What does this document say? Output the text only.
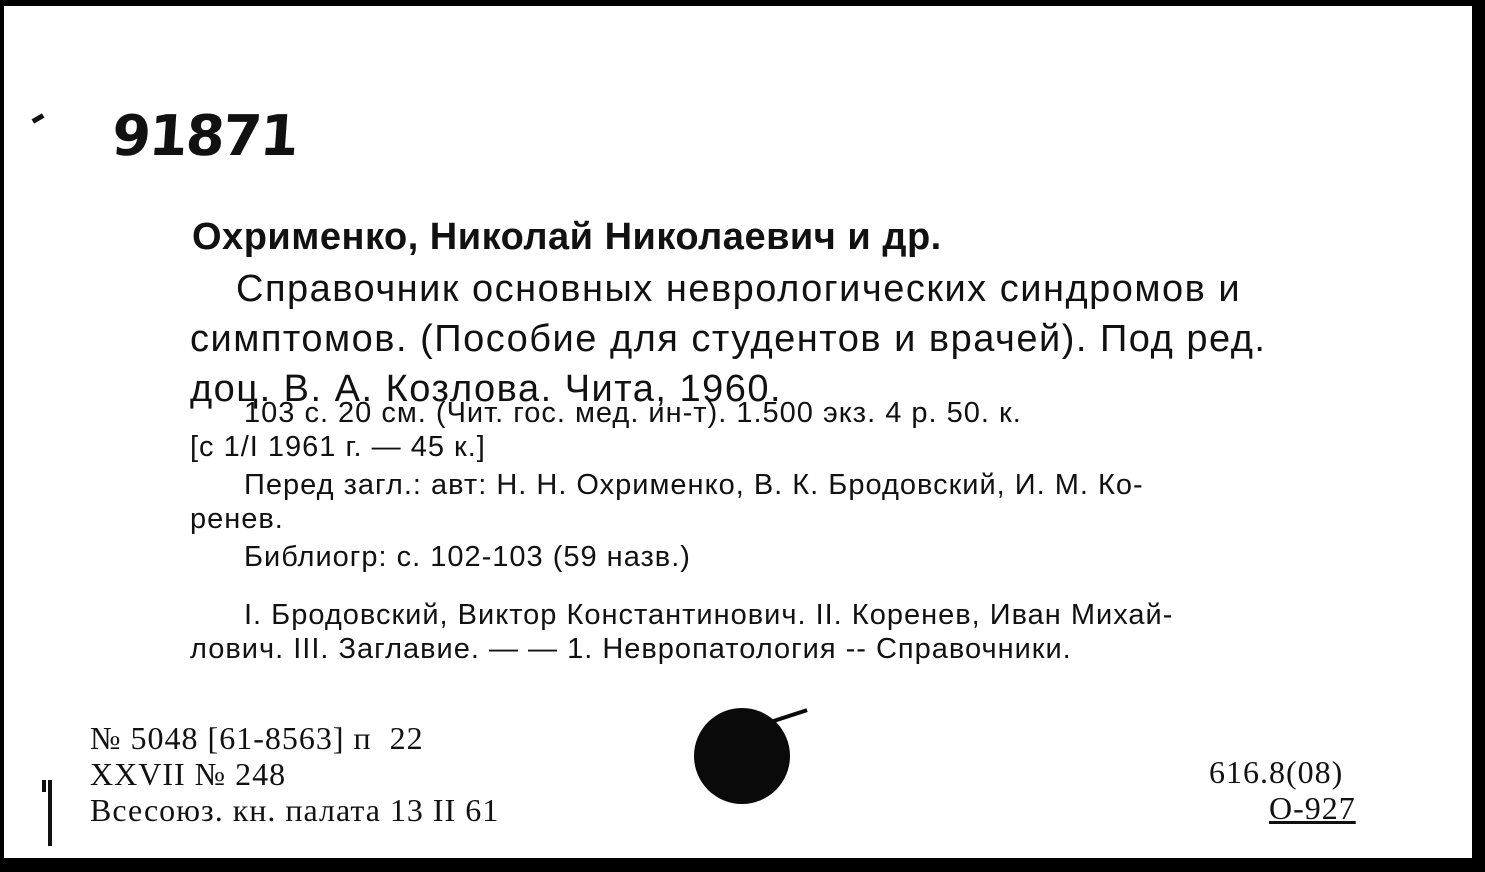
91871
Охрименко, Николай Николаевич и др.
Справочник основных неврологических синдромов и
симптомов. (Пособие для студентов и врачей). Под ред.
доц. В. А. Козлова. Чита, 1960.
103 с. 20 см. (Чит. гос. мед. ин-т). 1.500 экз. 4 р. 50. к.
[с 1/I 1961 г. — 45 к.]
Перед загл.: авт: Н. Н. Охрименко, В. К. Бродовский, И. М. Ко-
ренев.
Библиогр: с. 102-103 (59 назв.)
I. Бродовский, Виктор Константинович. II. Коренев, Иван Михай-
лович. III. Заглавие. — — 1. Невропатология -- Справочники.
№ 5048 [61-8563] п  22
XXVII № 248
Всесоюз. кн. палата 13 II 61
616.8(08)
О-927
